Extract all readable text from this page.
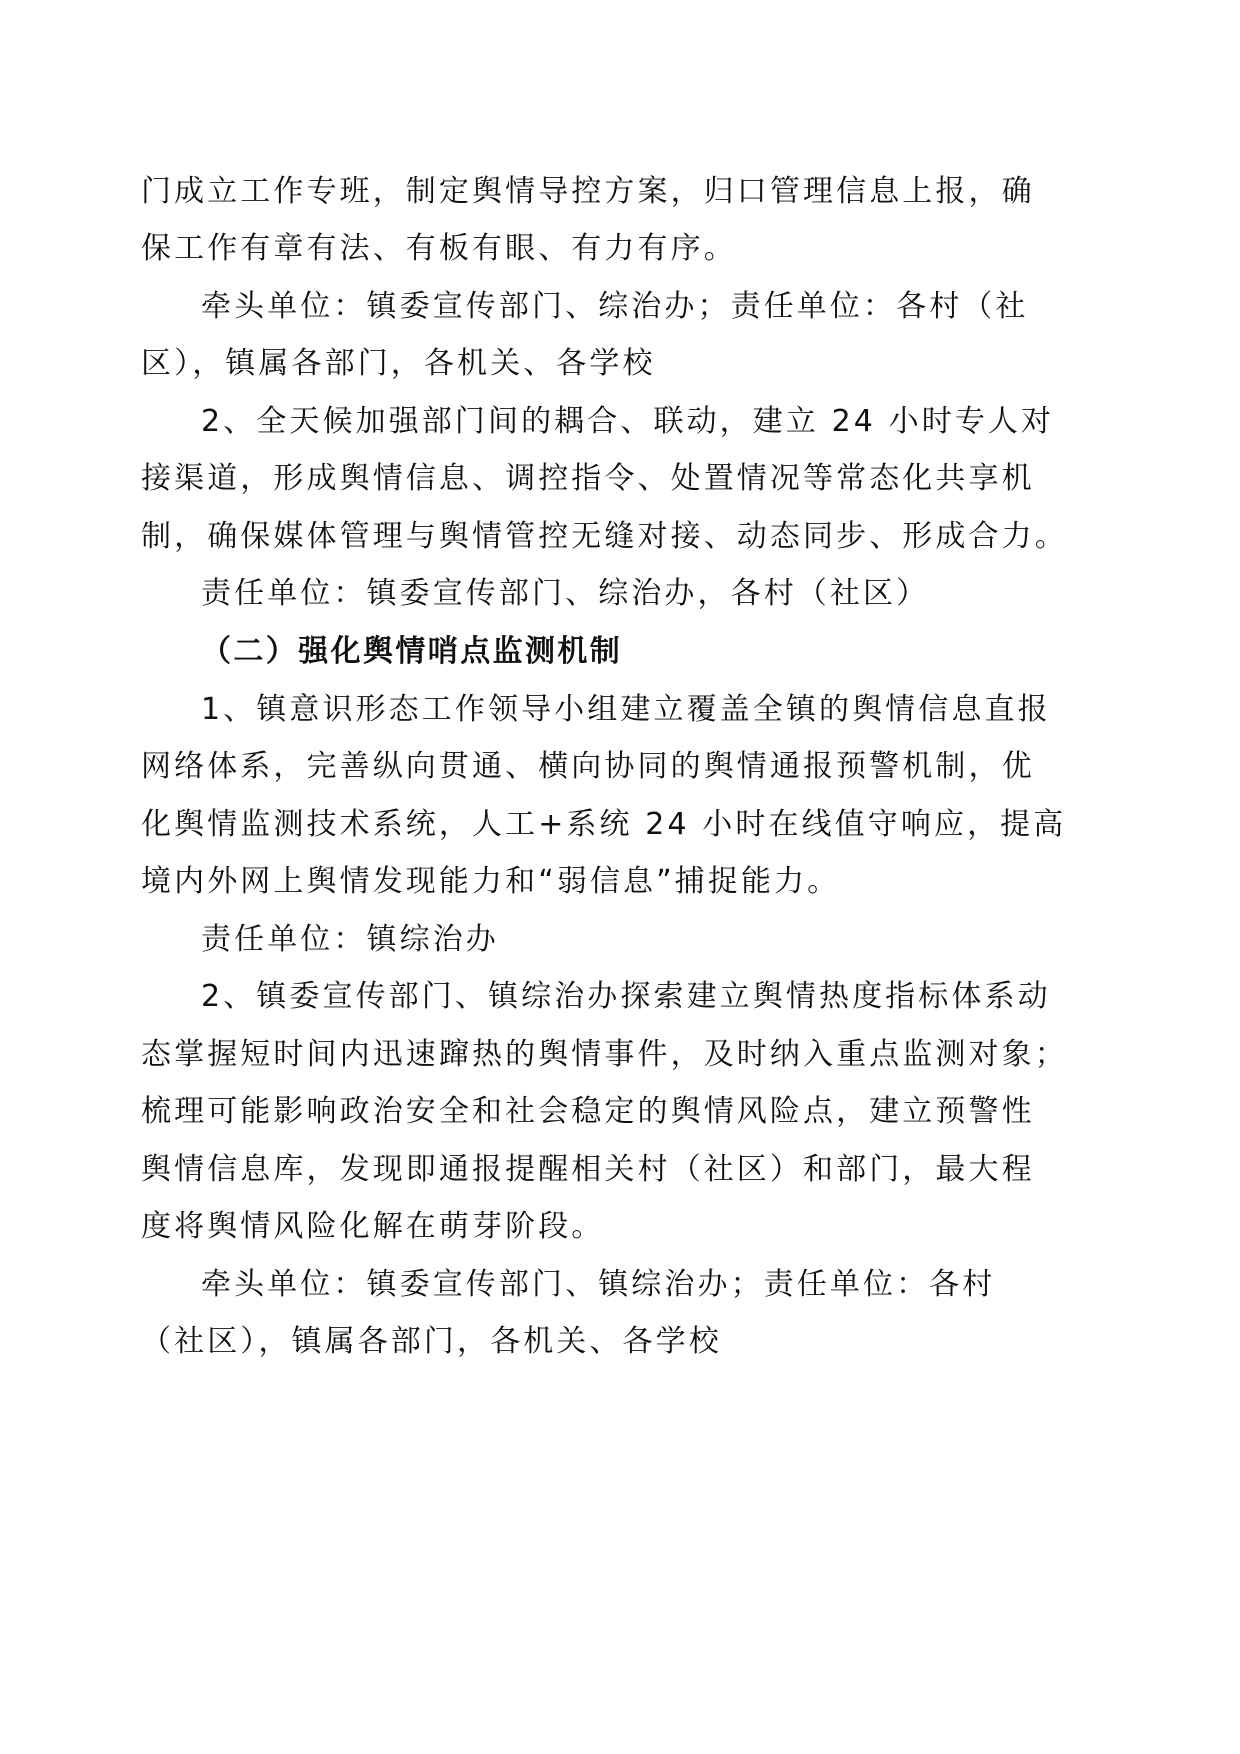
门成立工作专班，制定舆情导控方案，归口管理信息上报，确
保工作有章有法、有板有眼、有力有序。
牵头单位：镇委宣传部门、综治办；责任单位：各村（社
区），镇属各部门，各机关、各学校
2、全天候加强部门间的耦合、联动，建立 24 小时专人对
接渠道，形成舆情信息、调控指令、处置情况等常态化共享机
制，确保媒体管理与舆情管控无缝对接、动态同步、形成合力。
责任单位：镇委宣传部门、综治办，各村（社区）
（二）强化舆情哨点监测机制
1、镇意识形态工作领导小组建立覆盖全镇的舆情信息直报
网络体系，完善纵向贯通、横向协同的舆情通报预警机制，优
化舆情监测技术系统，人工+系统 24 小时在线值守响应，提高
境内外网上舆情发现能力和“弱信息”捕捉能力。
责任单位：镇综治办
2、镇委宣传部门、镇综治办探索建立舆情热度指标体系动
态掌握短时间内迅速蹿热的舆情事件，及时纳入重点监测对象；
梳理可能影响政治安全和社会稳定的舆情风险点，建立预警性
舆情信息库，发现即通报提醒相关村（社区）和部门，最大程
度将舆情风险化解在萌芽阶段。
牵头单位：镇委宣传部门、镇综治办；责任单位：各村
（社区），镇属各部门，各机关、各学校
